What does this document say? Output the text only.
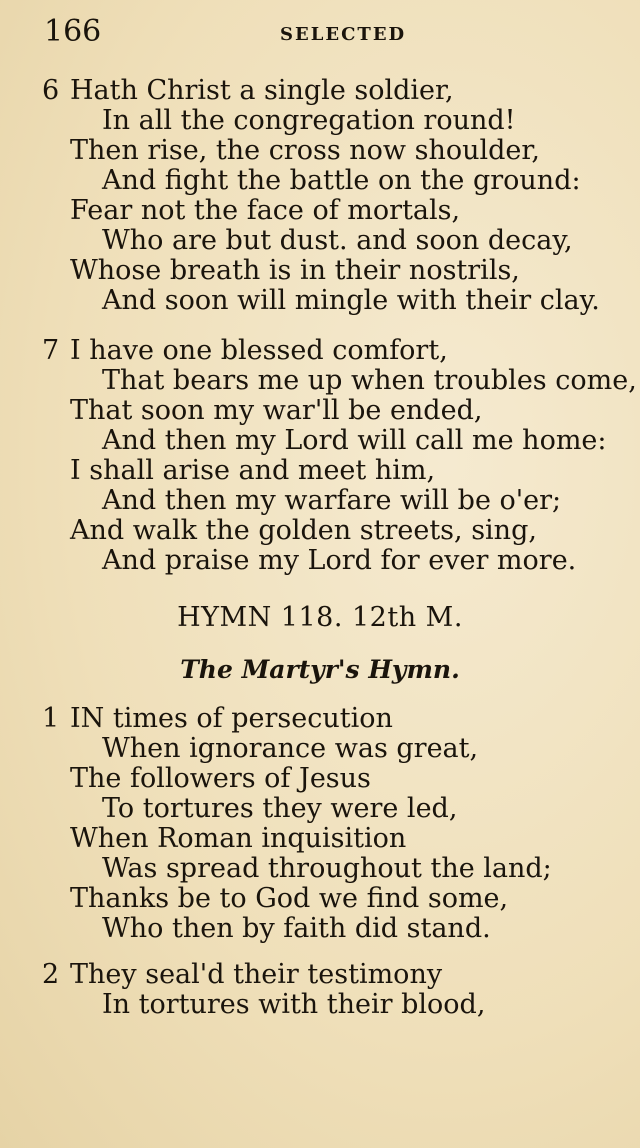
166	SELECTED
6 Hath Christ a single soldier,
In all the congregation round!
Then rise, the cross now shoulder,
And fight the battle on the ground:
Fear not the face of mortals,
Who are but dust. and soon decay,
Whose breath is in their nostrils,
And soon will mingle with their clay.
7 I have one blessed comfort,
That bears me up when troubles come,
That soon my war'll be ended,
And then my Lord will call me home:
I shall arise and meet him,
And then my warfare will be o'er;
And walk the golden streets, sing,
And praise my Lord for ever more.
HYMN 118. 12th M.
The Martyr's Hymn.
1 IN times of persecution
When ignorance was great,
The followers of Jesus
To tortures they were led,
When Roman inquisition
Was spread throughout the land;
Thanks be to God we find some,
Who then by faith did stand.
2 They seal'd their testimony
In tortures with their blood,
